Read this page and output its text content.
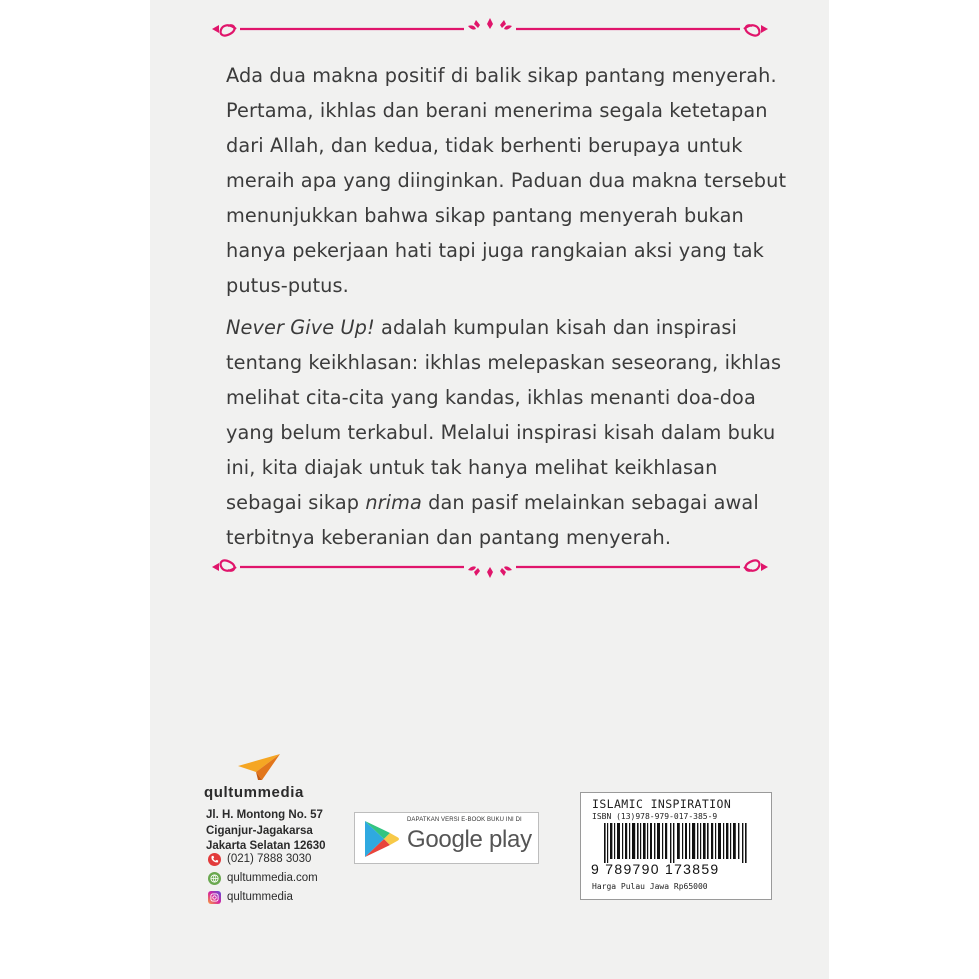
Ada dua makna positif di balik sikap pantang menyerah.
Pertama, ikhlas dan berani menerima segala ketetapan
dari Allah, dan kedua, tidak berhenti berupaya untuk
meraih apa yang diinginkan. Paduan dua makna tersebut
menunjukkan bahwa sikap pantang menyerah bukan
hanya pekerjaan hati tapi juga rangkaian aksi yang tak
putus-putus.
Never Give Up! adalah kumpulan kisah dan inspirasi
tentang keikhlasan: ikhlas melepaskan seseorang, ikhlas
melihat cita-cita yang kandas, ikhlas menanti doa-doa
yang belum terkabul. Melalui inspirasi kisah dalam buku
ini, kita diajak untuk tak hanya melihat keikhlasan
sebagai sikap nrima dan pasif melainkan sebagai awal
terbitnya keberanian dan pantang menyerah.
qultummedia
Jl. H. Montong No. 57
Ciganjur-Jagakarsa
Jakarta Selatan 12630
(021) 7888 3030
qultummedia.com
qultummedia
DAPATKAN VERSI E-BOOK BUKU INI DI
Google play
ISLAMIC INSPIRATION
ISBN (13)978-979-017-385-9
9 789790 173859
Harga Pulau Jawa Rp65000
